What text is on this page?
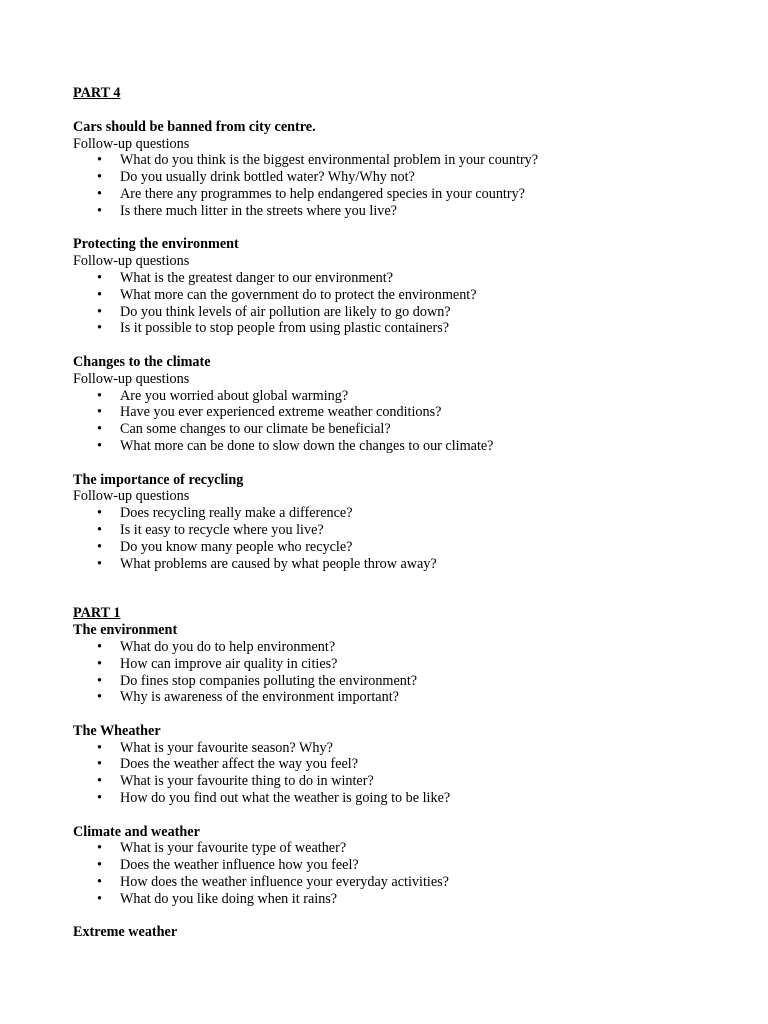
PART 4

Cars should be banned from city centre.

Follow-up questions

• What do you think is the biggest environmental problem in your country?
• Do you usually drink bottled water? Why/Why not?
• Are there any programmes to help endangered species in your country?
• Is there much litter in the streets where you live?

Protecting the environment

Follow-up questions

• What is the greatest danger to our environment?
• What more can the government do to protect the environment?
• Do you think levels of air pollution are likely to go down?
• Is it possible to stop people from using plastic containers?

Changes to the climate

Follow-up questions

• Are you worried about global warming?
• Have you ever experienced extreme weather conditions?
• Can some changes to our climate be beneficial?
• What more can be done to slow down the changes to our climate?

The importance of recycling

Follow-up questions

• Does recycling really make a difference?
• Is it easy to recycle where you live?
• Do you know many people who recycle?
• What problems are caused by what people throw away?

PART 1

The environment

• What do you do to help environment?
• How can improve air quality in cities?
• Do fines stop companies polluting the environment?
• Why is awareness of the environment important?

The Wheather

• What is your favourite season? Why?
• Does the weather affect the way you feel?
• What is your favourite thing to do in winter?
• How do you find out what the weather is going to be like?

Climate and weather

• What is your favourite type of weather?
• Does the weather influence how you feel?
• How does the weather influence your everyday activities?
• What do you like doing when it rains?

Extreme weather
